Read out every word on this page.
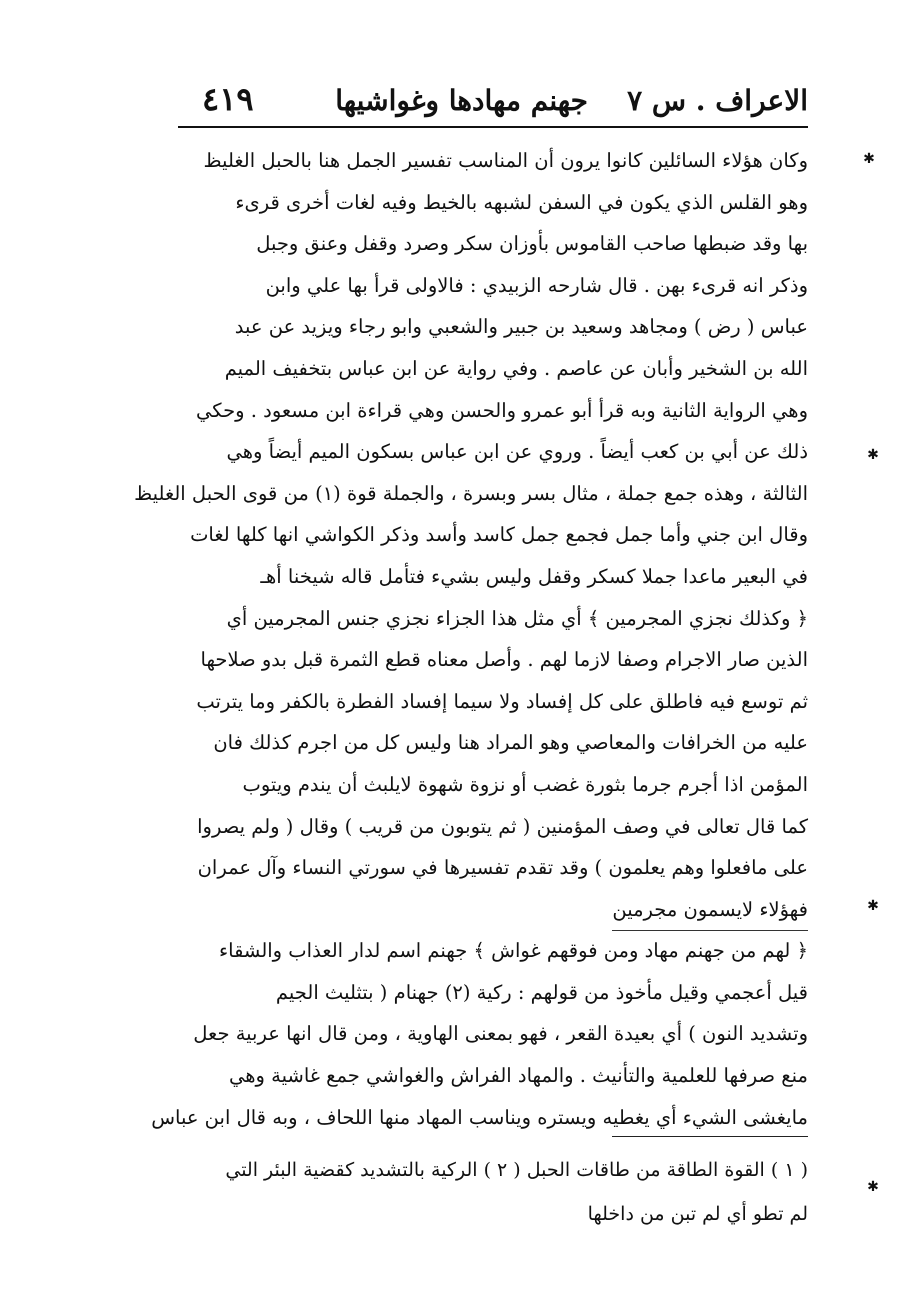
الاعراف . س ٧
جهنم مهادها وغواشيها
٤١٩
وكان هؤلاء السائلين كانوا يرون أن المناسب تفسير الجمل هنا بالحبل الغليظ
وهو القلس الذي يكون في السفن لشبهه بالخيط وفيه لغات أخرى قرىء
بها وقد ضبطها صاحب القاموس بأوزان سكر وصرد وقفل وعنق وجبل
وذكر انه قرىء بهن . قال شارحه الزبيدي : فالاولى قرأ بها علي وابن
عباس ( رض ) ومجاهد وسعيد بن جبير والشعبي وابو رجاء ويزيد عن عبد
الله بن الشخير وأبان عن عاصم . وفي رواية عن ابن عباس بتخفيف الميم
وهي الرواية الثانية وبه قرأ أبو عمرو والحسن وهي قراءة ابن مسعود . وحكي
ذلك عن أبي بن كعب أيضاً . وروي عن ابن عباس بسكون الميم أيضاً وهي
الثالثة ، وهذه جمع جملة ، مثال بسر وبسرة ، والجملة قوة (١) من قوى الحبل الغليظ
وقال ابن جني وأما جمل فجمع جمل كاسد وأسد وذكر الكواشي انها كلها لغات
في البعير ماعدا جملا كسكر وقفل وليس بشيء فتأمل قاله شيخنا أهـ
﴿ وكذلك نجزي المجرمين ﴾ أي مثل هذا الجزاء نجزي جنس المجرمين أي
الذين صار الاجرام وصفا لازما لهم . وأصل معناه قطع الثمرة قبل بدو صلاحها
ثم توسع فيه فاطلق على كل إفساد ولا سيما إفساد الفطرة بالكفر وما يترتب
عليه من الخرافات والمعاصي وهو المراد هنا وليس كل من اجرم كذلك فان
المؤمن اذا أجرم جرما بثورة غضب أو نزوة شهوة لايلبث أن يندم ويتوب
كما قال تعالى في وصف المؤمنين ( ثم يتوبون من قريب ) وقال ( ولم يصروا
على مافعلوا وهم يعلمون ) وقد تقدم تفسيرها في سورتي النساء وآل عمران
فهؤلاء لايسمون مجرمين
﴿ لهم من جهنم مهاد ومن فوقهم غواش ﴾ جهنم اسم لدار العذاب والشقاء
قيل أعجمي وقيل مأخوذ من قولهم : ركية (٢) جهنام ( بتثليث الجيم
وتشديد النون ) أي بعيدة القعر ، فهو بمعنى الهاوية ، ومن قال انها عربية جعل
منع صرفها للعلمية والتأنيث . والمهاد الفراش والغواشي جمع غاشية وهي
مايغشى الشيء أي يغطيه ويستره ويناسب المهاد منها اللحاف ، وبه قال ابن عباس
( ١ ) القوة الطاقة من طاقات الحبل ( ٢ ) الركية بالتشديد كقضية البئر التي
لم تطو أي لم تبن من داخلها
✱
✱
✱
✱
